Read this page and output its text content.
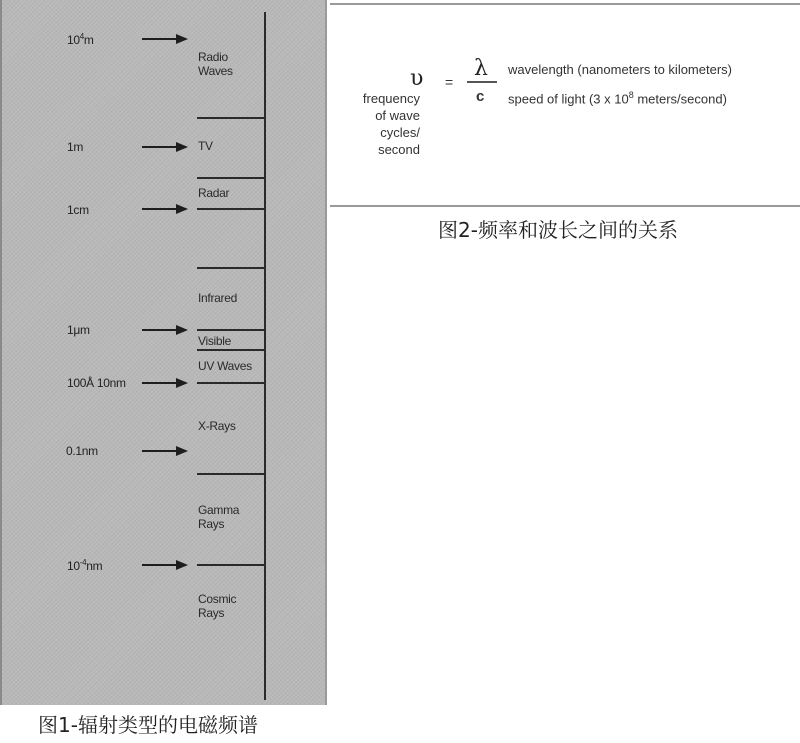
$10^4m$
1m
1cm
1μm
100Å 10nm
0.1nm
$10^{-4}nm$
Radio
Waves
TV
Radar
Infrared
Visible
UV Waves
X-Rays
Gamma
Rays
Cosmic
Rays
图1-辐射类型的电磁频谱
υ
frequency
of wave
cycles/
second
=
λ
c
wavelength (nanometers to kilometers)
speed of light (3 x $10^8$ meters/second)
图2-频率和波长之间的关系
